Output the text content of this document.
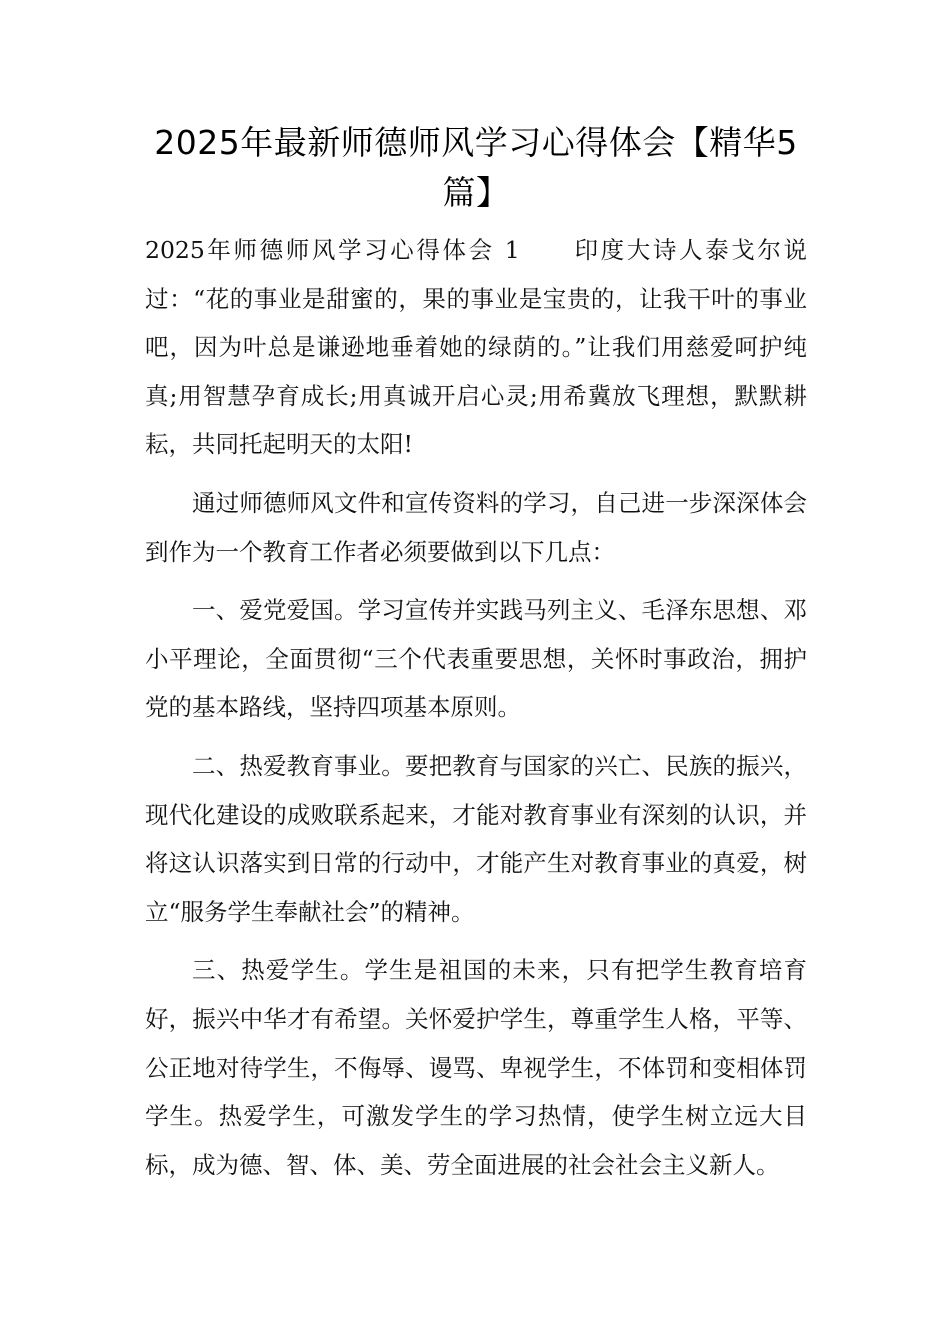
2025年最新师德师风学习心得体会【精华5篇】

2025年师德师风学习心得体会 1　　印度大诗人泰戈尔说过：“花的事业是甜蜜的，果的事业是宝贵的，让我干叶的事业吧，因为叶总是谦逊地垂着她的绿荫的。”让我们用慈爱呵护纯真;用智慧孕育成长;用真诚开启心灵;用希冀放飞理想，默默耕耘，共同托起明天的太阳!

通过师德师风文件和宣传资料的学习，自己进一步深深体会到作为一个教育工作者必须要做到以下几点：

一、爱党爱国。学习宣传并实践马列主义、毛泽东思想、邓小平理论，全面贯彻“三个代表重要思想，关怀时事政治，拥护党的基本路线，坚持四项基本原则。

二、热爱教育事业。要把教育与国家的兴亡、民族的振兴，现代化建设的成败联系起来，才能对教育事业有深刻的认识，并将这认识落实到日常的行动中，才能产生对教育事业的真爱，树立“服务学生奉献社会”的精神。

三、热爱学生。学生是祖国的未来，只有把学生教育培育好，振兴中华才有希望。关怀爱护学生，尊重学生人格，平等、公正地对待学生，不侮辱、谩骂、卑视学生，不体罚和变相体罚学生。热爱学生，可激发学生的学习热情，使学生树立远大目标，成为德、智、体、美、劳全面进展的社会社会主义新人。
